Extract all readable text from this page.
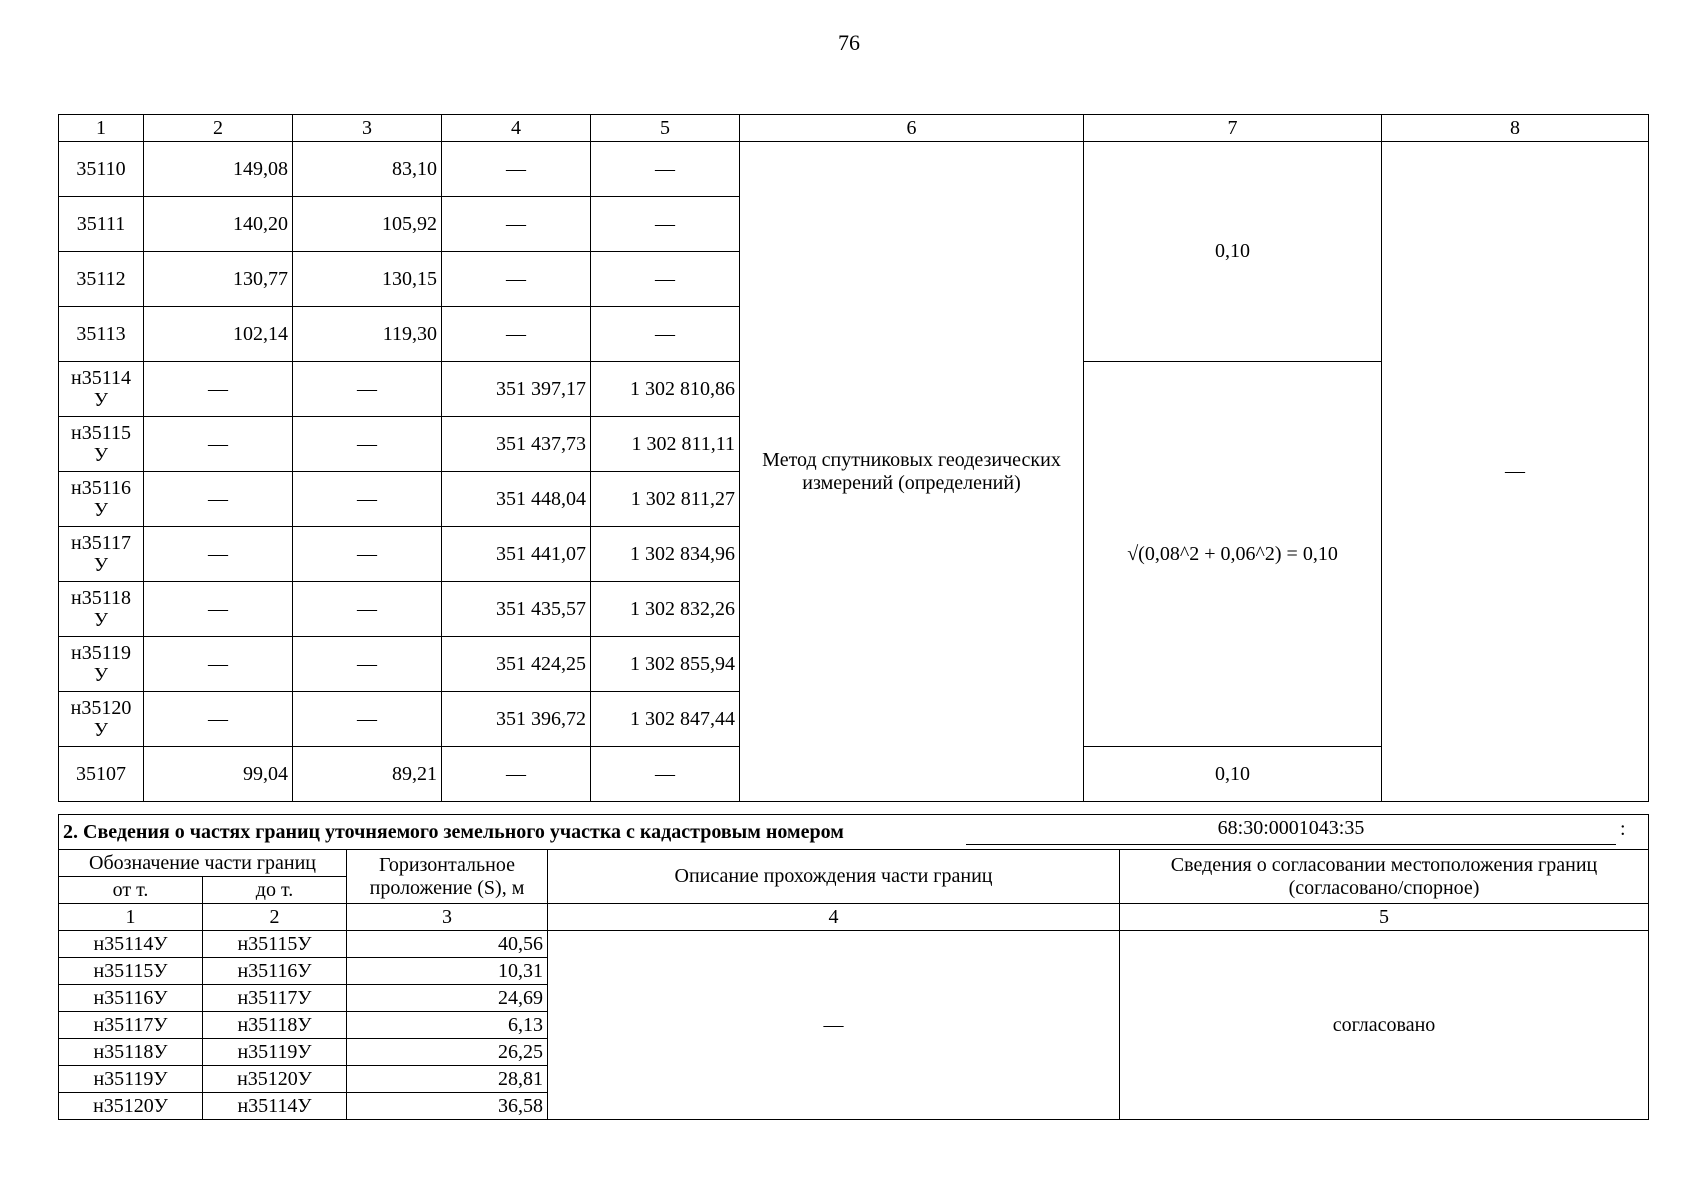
76
1	2	3	4	5	6	7	8
35110	149,08	83,10	—	—	Метод спутниковых геодезических измерений (определений)	0,10	—
35111	140,20	105,92	—	—			
35112	130,77	130,15	—	—			
35113	102,14	119,30	—	—			
н35114 У	—	—	351 397,17	1 302 810,86		√(0,08^2 + 0,06^2) = 0,10	
н35115 У	—	—	351 437,73	1 302 811,11			
н35116 У	—	—	351 448,04	1 302 811,27			
н35117 У	—	—	351 441,07	1 302 834,96			
н35118 У	—	—	351 435,57	1 302 832,26			
н35119 У	—	—	351 424,25	1 302 855,94			
н35120 У	—	—	351 396,72	1 302 847,44			
35107	99,04	89,21	—	—		0,10	
2. Сведения о частях границ уточняемого земельного участка с кадастровым номером				
Обозначение части границ		Горизонтальное проложение (S), м	Описание прохождения части границ	Сведения о согласовании местоположения границ (согласовано/спорное)
от т.	до т.			
1	2	3	4	5
н35114У	н35115У	40,56	—	согласовано
н35115У	н35116У	10,31		
н35116У	н35117У	24,69		
н35117У	н35118У	6,13		
н35118У	н35119У	26,25		
н35119У	н35120У	28,81		
н35120У	н35114У	36,58		
68:30:0001043:35	:
